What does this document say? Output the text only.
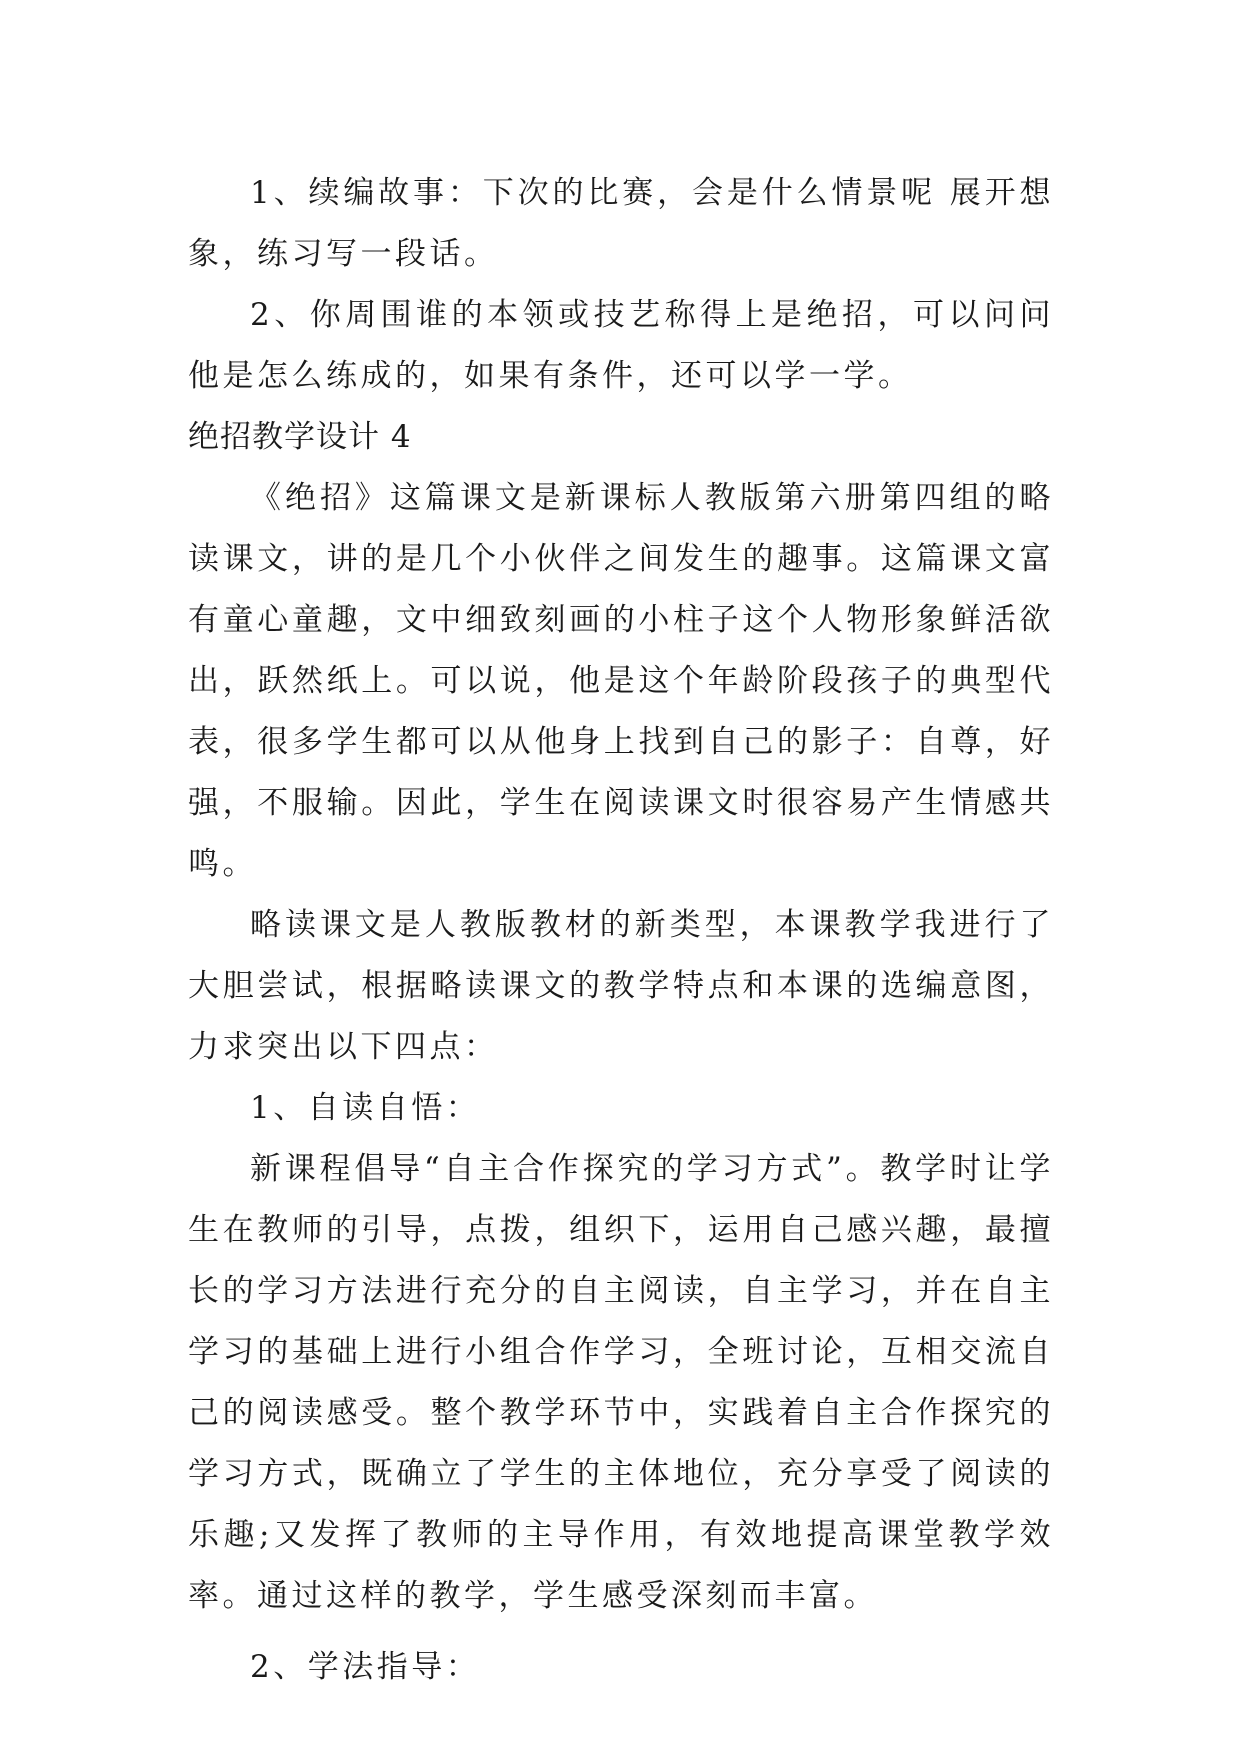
1、续编故事：下次的比赛，会是什么情景呢 展开想象，练习写一段话。

2、你周围谁的本领或技艺称得上是绝招，可以问问他是怎么练成的，如果有条件，还可以学一学。

绝招教学设计 4

《绝招》这篇课文是新课标人教版第六册第四组的略读课文，讲的是几个小伙伴之间发生的趣事。这篇课文富有童心童趣，文中细致刻画的小柱子这个人物形象鲜活欲出，跃然纸上。可以说，他是这个年龄阶段孩子的典型代表，很多学生都可以从他身上找到自己的影子：自尊，好强，不服输。因此，学生在阅读课文时很容易产生情感共鸣。

略读课文是人教版教材的新类型，本课教学我进行了大胆尝试，根据略读课文的教学特点和本课的选编意图，力求突出以下四点：

1、自读自悟：

新课程倡导“自主合作探究的学习方式”。教学时让学生在教师的引导，点拨，组织下，运用自己感兴趣，最擅长的学习方法进行充分的自主阅读，自主学习，并在自主学习的基础上进行小组合作学习，全班讨论，互相交流自己的阅读感受。整个教学环节中，实践着自主合作探究的学习方式，既确立了学生的主体地位，充分享受了阅读的乐趣;又发挥了教师的主导作用，有效地提高课堂教学效率。通过这样的教学，学生感受深刻而丰富。

2、学法指导：
